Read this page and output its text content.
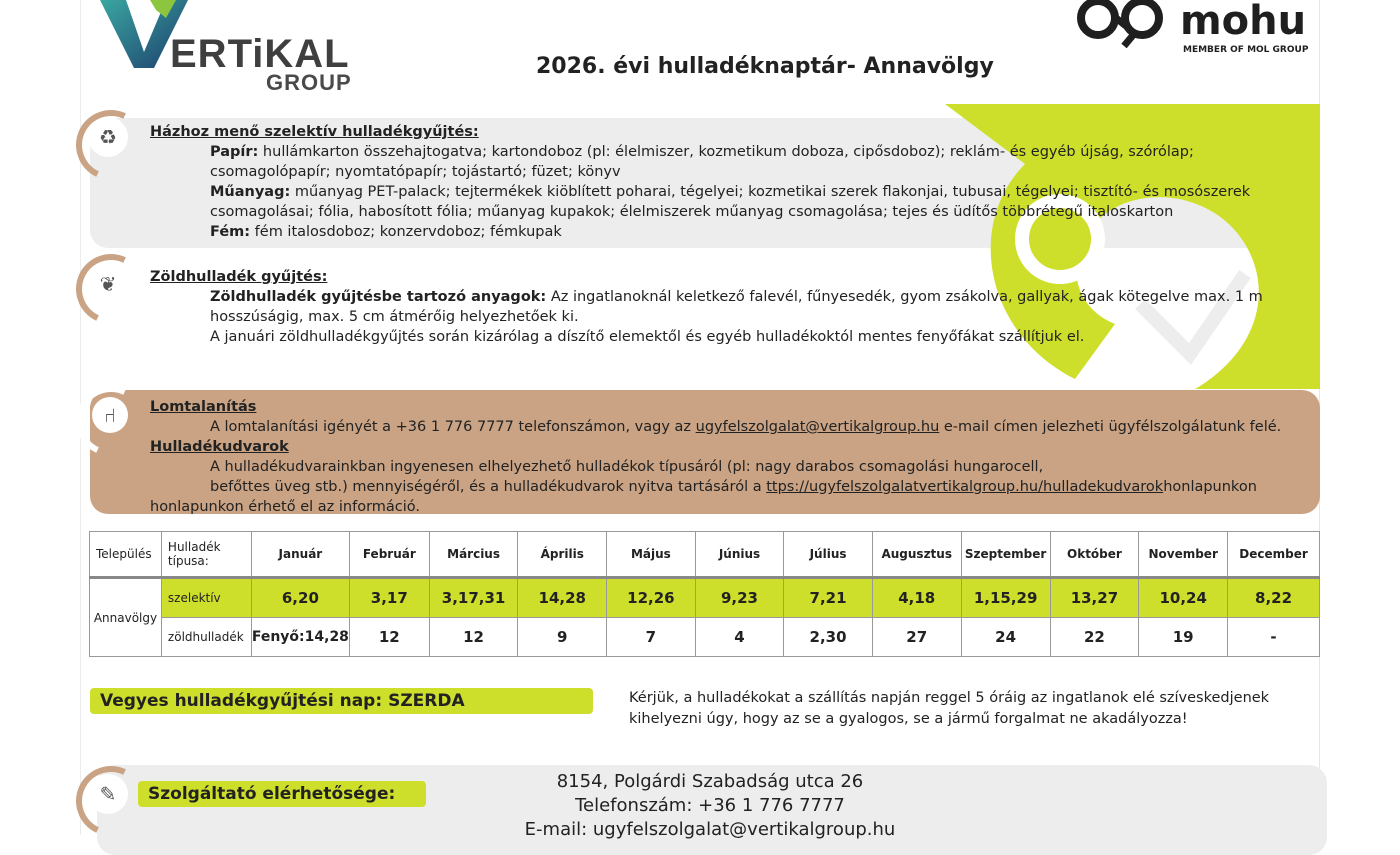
ERTiKAL
GROUP
mohu
MEMBER OF MOL GROUP
2026. évi hulladéknaptár- Annavölgy
♻	Házhoz menő szelektív hulladékgyűjtés:
Papír: hullámkarton összehajtogatva; kartondoboz (pl: élelmiszer, kozmetikum doboza, cipősdoboz); reklám- és egyéb újság, szórólap;
csomagolópapír; nyomtatópapír; tojástartó; füzet; könyv
Műanyag: műanyag PET-palack; tejtermékek kiöblített poharai, tégelyei; kozmetikai szerek flakonjai, tubusai, tégelyei; tisztító- és mosószerek
csomagolásai; fólia, habosított fólia; műanyag kupakok; élelmiszerek műanyag csomagolása; tejes és üdítős többrétegű italoskarton
Fém: fém italosdoboz; konzervdoboz; fémkupak
❦	Zöldhulladék gyűjtés:
Zöldhulladék gyűjtésbe tartozó anyagok: Az ingatlanoknál keletkező falevél, fűnyesedék, gyom zsákolva, gallyak, ágak kötegelve max. 1 m
hosszúságig, max. 5 cm átmérőig helyezhetőek ki.
A januári zöldhulladékgyűjtés során kizárólag a díszítő elemektől és egyéb hulladékoktól mentes fenyőfákat szállítjuk el.
⑁	Lomtalanítás
A lomtalanítási igényét a +36 1 776 7777 telefonszámon, vagy az ugyfelszolgalat@vertikalgroup.hu e-mail címen jelezheti ügyfélszolgálatunk felé.
Hulladékudvarok
A hulladékudvarainkban ingyenesen elhelyezhető hulladékok típusáról (pl: nagy darabos csomagolási hungarocell,
befőttes üveg stb.) mennyiségéről, és a hulladékudvarok nyitva tartásáról a ttps://ugyfelszolgalatvertikalgroup.hu/hulladekudvarokhonlapunkon
honlapunkon érhető el az információ.
Település	Hulladék típusa:	Január	Február	Március	Április	Május	Június	Július	Augusztus	Szeptember	Október	November	December
Annavölgy	szelektív	6,20	3,17	3,17,31	14,28	12,26	9,23	7,21	4,18	1,15,29	13,27	10,24	8,22
	zöldhulladék	Fenyő:14,28	12	12	9	7	4	2,30	27	24	22	19	-
Vegyes hulladékgyűjtési nap: SZERDA	Kérjük, a hulladékokat a szállítás napján reggel 5 óráig az ingatlanok elé szíveskedjenek kihelyezni úgy, hogy az se a gyalogos, se a jármű forgalmat ne akadályozza!
✎	Szolgáltató elérhetősége:
8154, Polgárdi Szabadság utca 26
Telefonszám: +36 1 776 7777
E-mail: ugyfelszolgalat@vertikalgroup.hu
